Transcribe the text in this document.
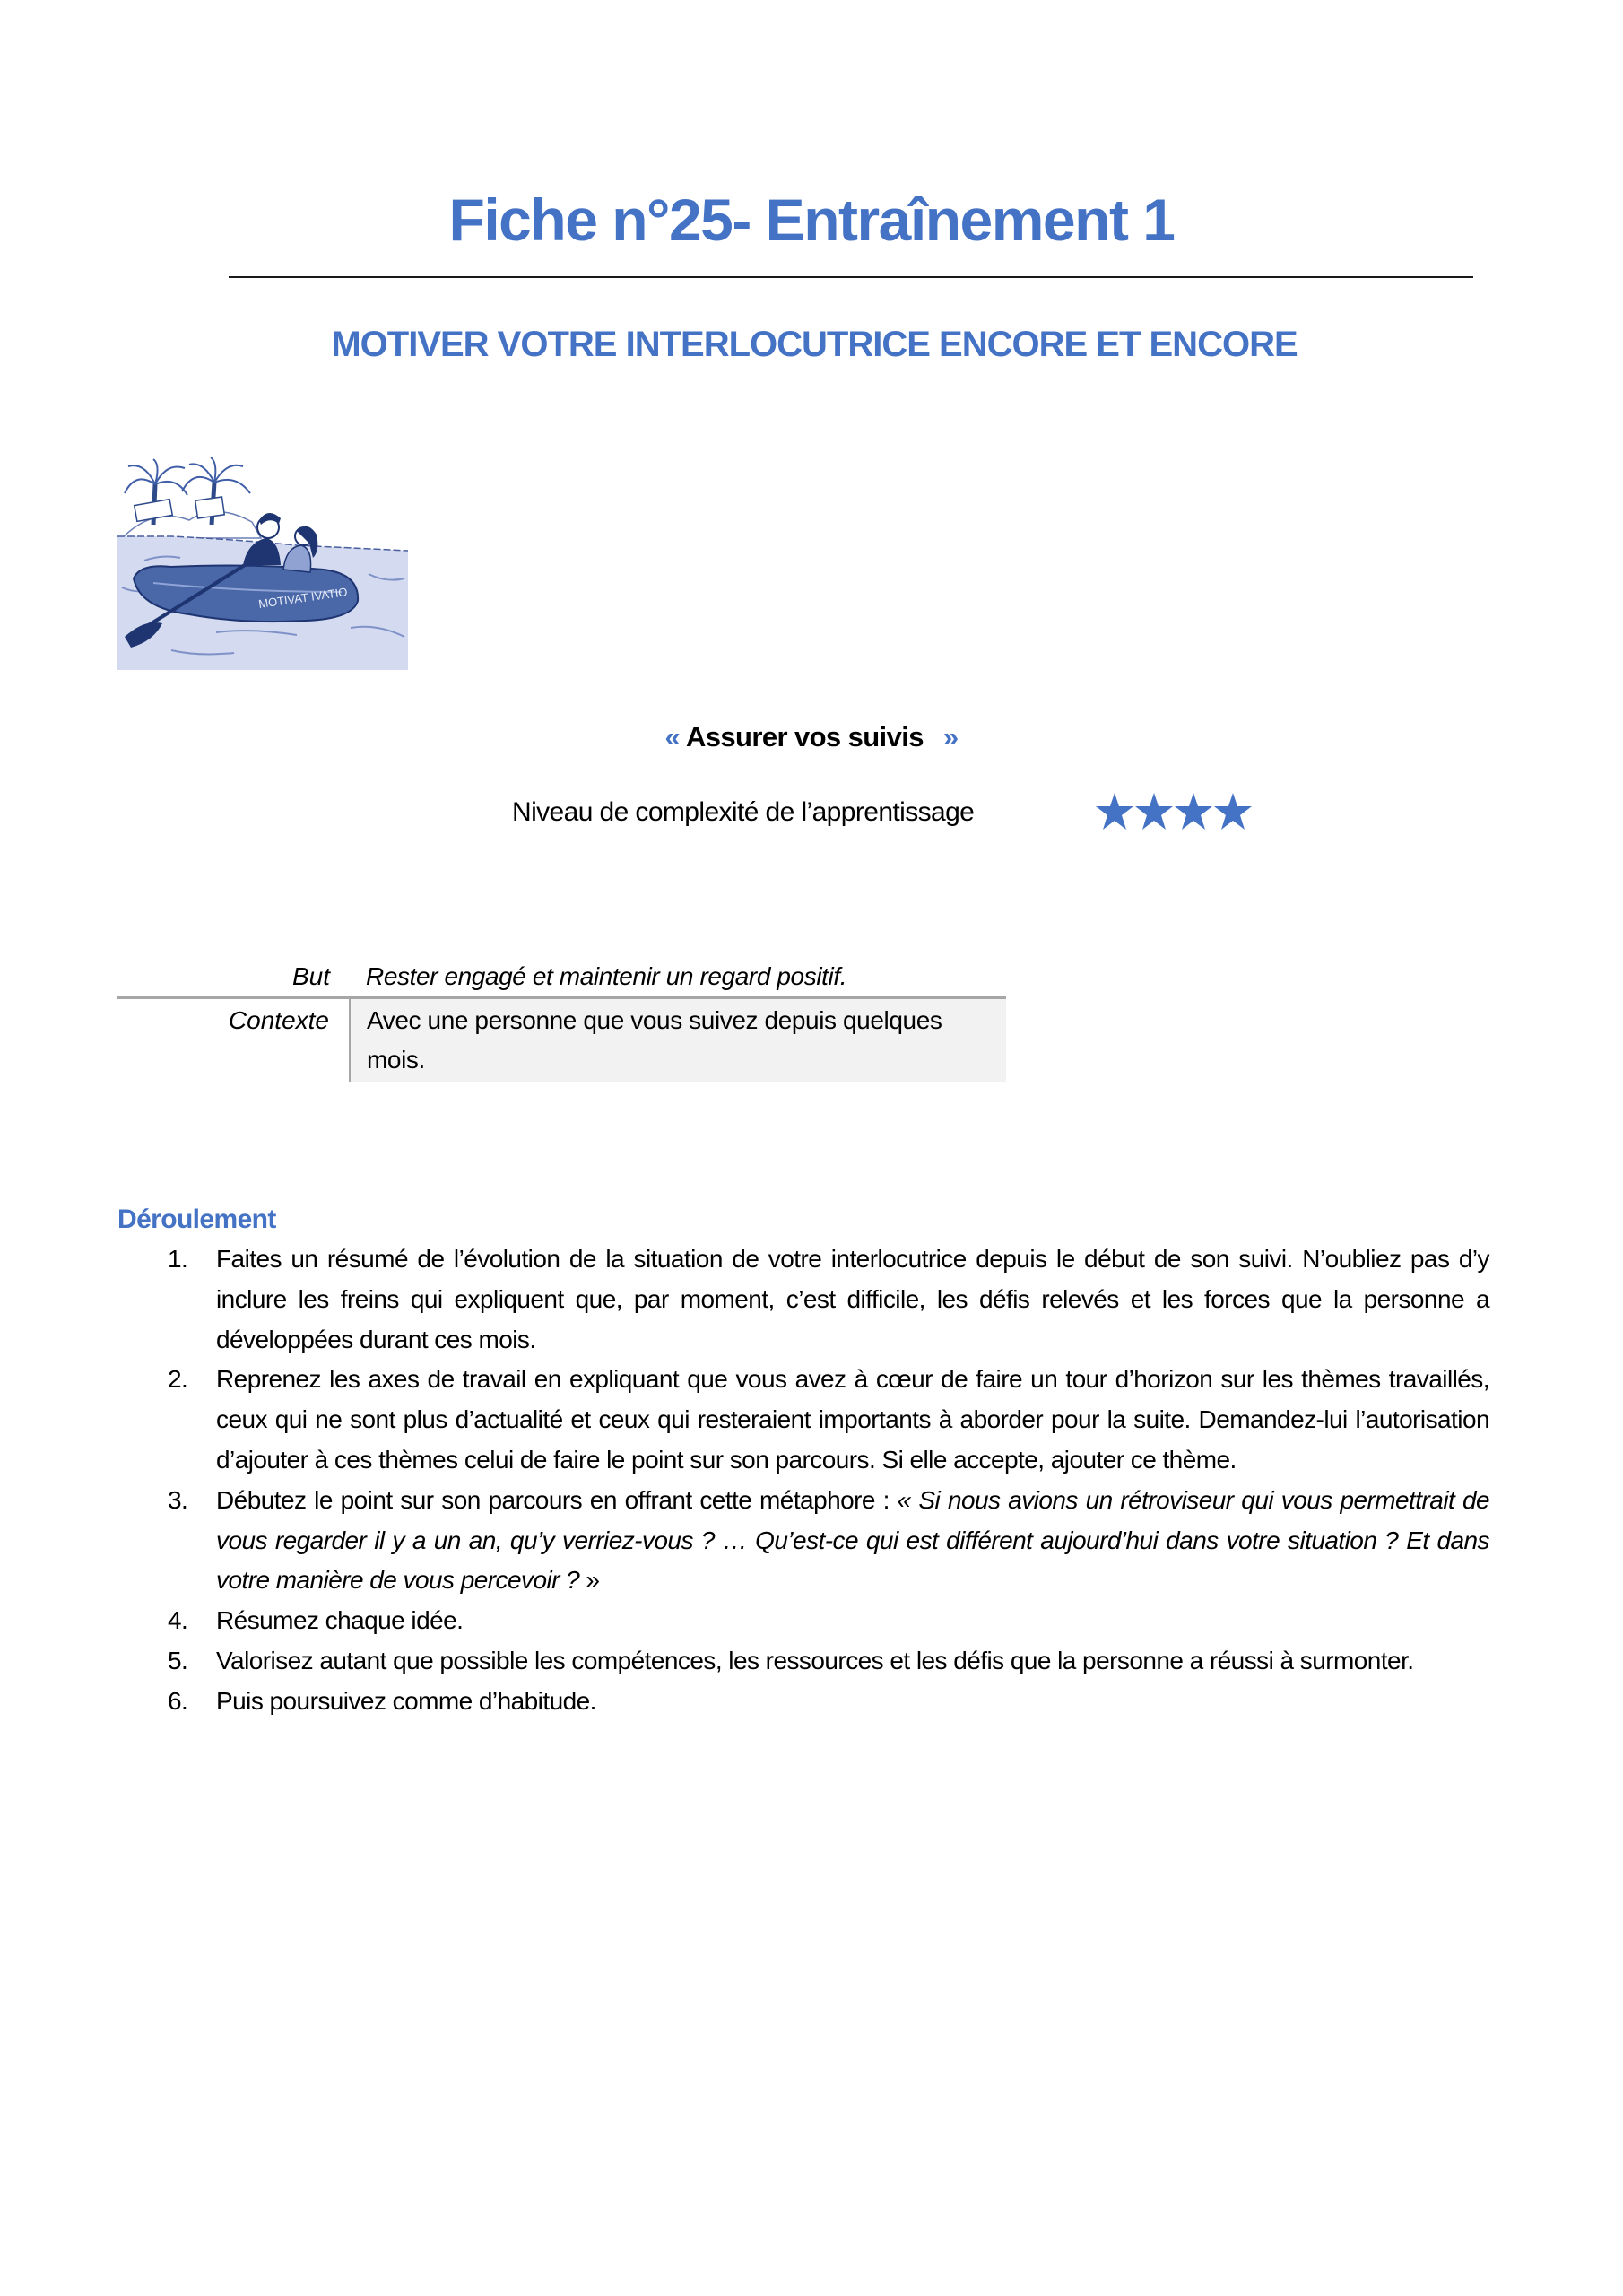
Fiche n°25- Entraînement 1
MOTIVER VOTRE INTERLOCUTRICE ENCORE ET ENCORE
MOTIVAT IVATIO
« Assurer vos suivis »
Niveau de complexité de l’apprentissage
But	Rester engagé et maintenir un regard positif.

Contexte	Avec une personne que vous suivez depuis quelques mois.
Déroulement
1. Faites un résumé de l’évolution de la situation de votre interlocutrice depuis le début de son suivi. N’oubliez pas d’y inclure les freins qui expliquent que, par moment, c’est difficile, les défis relevés et les forces que la personne a développées durant ces mois.
2. Reprenez les axes de travail en expliquant que vous avez à cœur de faire un tour d’horizon sur les thèmes travaillés, ceux qui ne sont plus d’actualité et ceux qui resteraient importants à aborder pour la suite. Demandez-lui l’autorisation d’ajouter à ces thèmes celui de faire le point sur son parcours. Si elle accepte, ajouter ce thème.
3. Débutez le point sur son parcours en offrant cette métaphore : « Si nous avions un rétroviseur qui vous permettrait de vous regarder il y a un an, qu’y verriez-vous ? … Qu’est-ce qui est différent aujourd’hui dans votre situation ? Et dans votre manière de vous percevoir ? »
4. Résumez chaque idée.
5. Valorisez autant que possible les compétences, les ressources et les défis que la personne a réussi à surmonter.
6. Puis poursuivez comme d’habitude.
